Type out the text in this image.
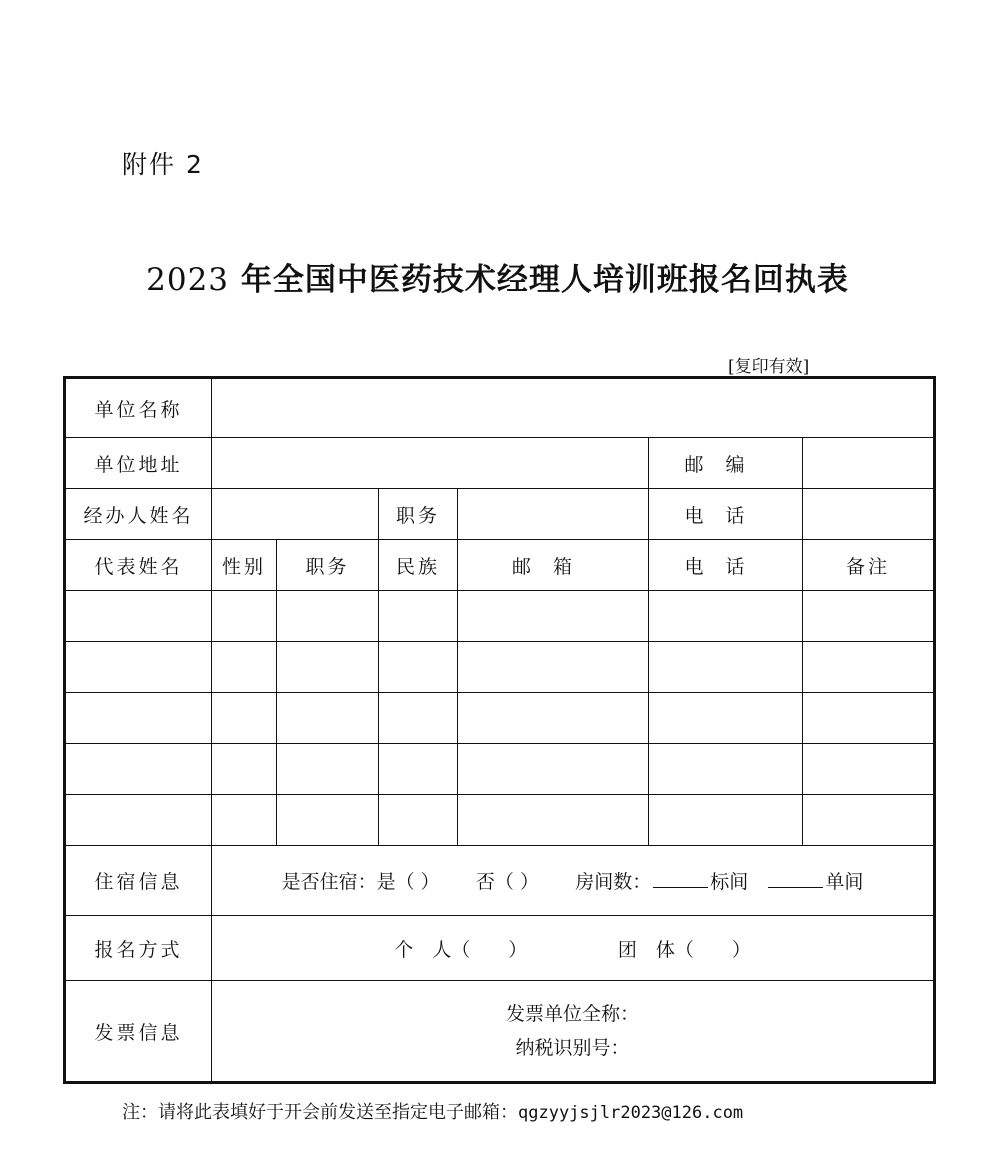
附件 2
2023 年全国中医药技术经理人培训班报名回执表
[复印有效]
单位名称						
单位地址					邮编	
经办人姓名			职务		电话	
代表姓名	性别	职务	民族	邮箱	电话	备注

住宿信息	是否住宿：是（ ） 否（ ） 房间数： 标间 单间					
报名方式	个　人（　　） 团　体（　　）					
发票信息	发票单位全称：
纳税识别号：					
注：请将此表填好于开会前发送至指定电子邮箱：qgzyyjsjlr2023@126.com
